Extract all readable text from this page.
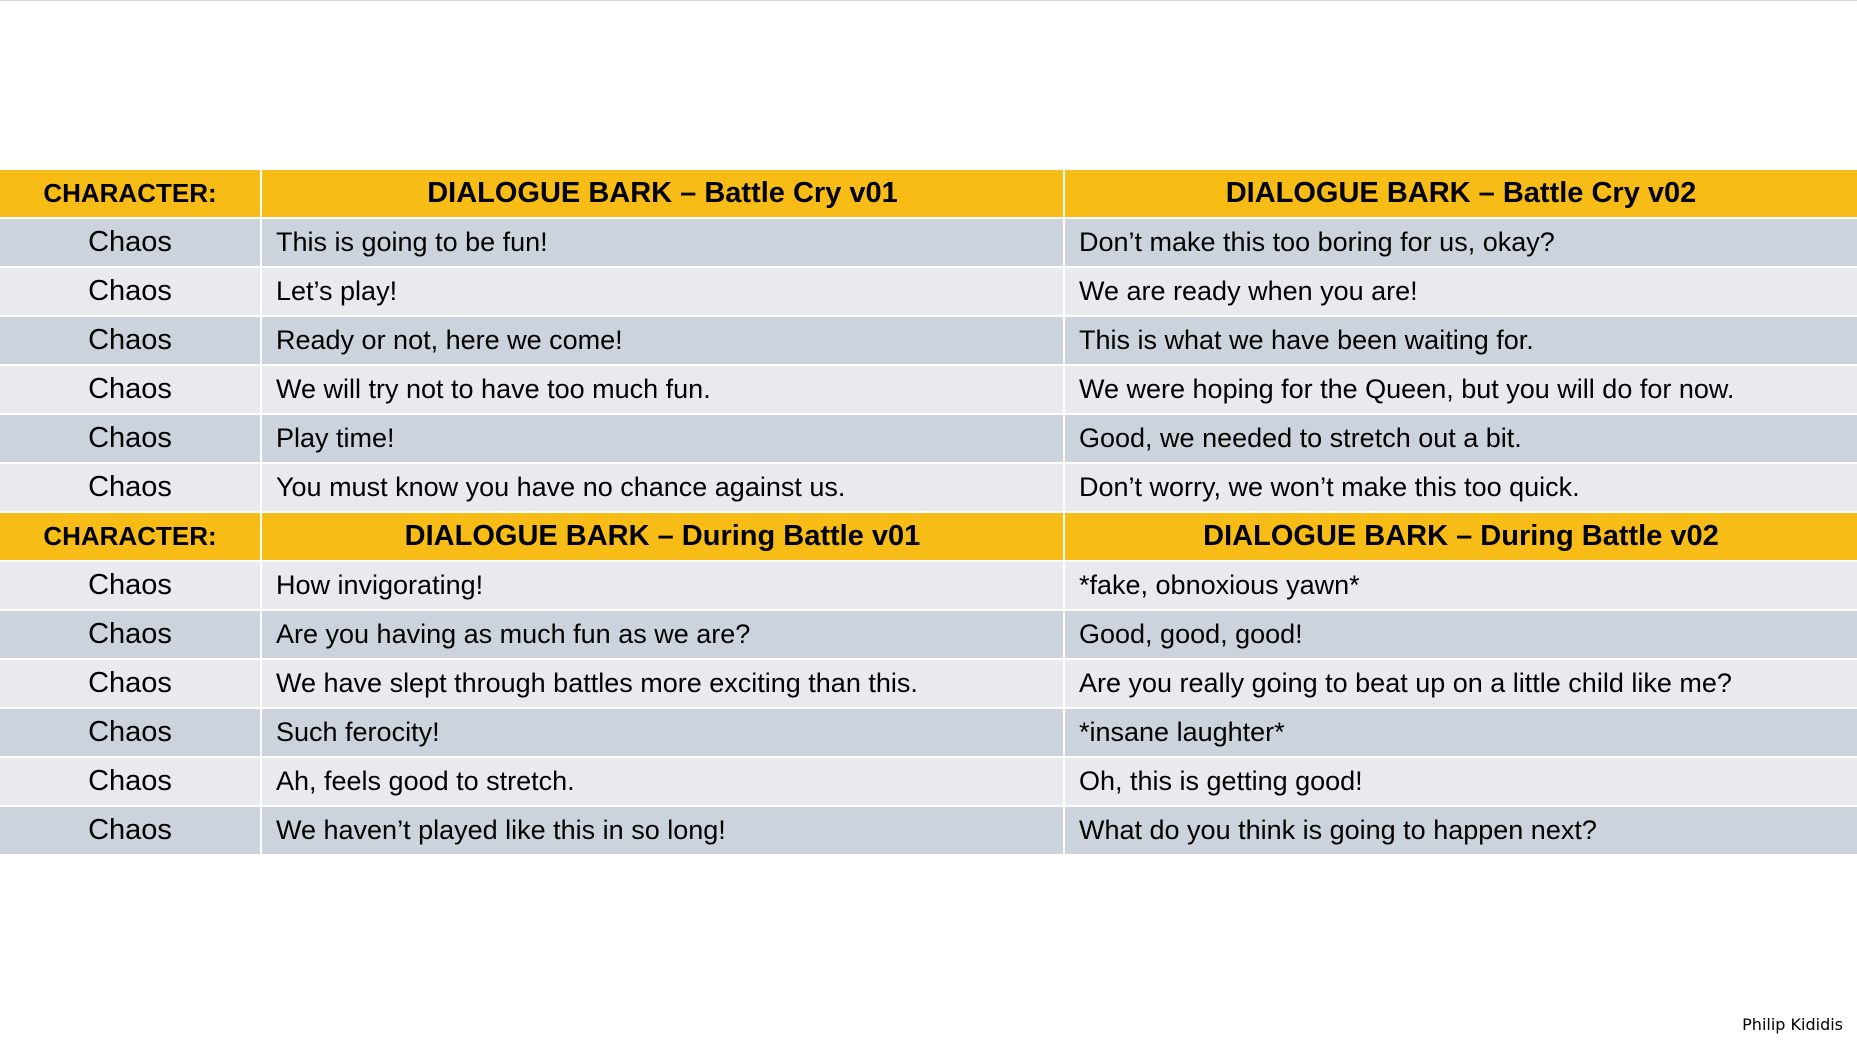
CHARACTER:	DIALOGUE BARK – Battle Cry v01	DIALOGUE BARK – Battle Cry v02
Chaos	This is going to be fun!	Don’t make this too boring for us, okay?
Chaos	Let’s play!	We are ready when you are!
Chaos	Ready or not, here we come!	This is what we have been waiting for.
Chaos	We will try not to have too much fun.	We were hoping for the Queen, but you will do for now.
Chaos	Play time!	Good, we needed to stretch out a bit.
Chaos	You must know you have no chance against us.	Don’t worry, we won’t make this too quick.
CHARACTER:	DIALOGUE BARK – During Battle v01	DIALOGUE BARK – During Battle v02
Chaos	How invigorating!	*fake, obnoxious yawn*
Chaos	Are you having as much fun as we are?	Good, good, good!
Chaos	We have slept through battles more exciting than this.	Are you really going to beat up on a little child like me?
Chaos	Such ferocity!	*insane laughter*
Chaos	Ah, feels good to stretch.	Oh, this is getting good!
Chaos	We haven’t played like this in so long!	What do you think is going to happen next?
Philip Kididis
